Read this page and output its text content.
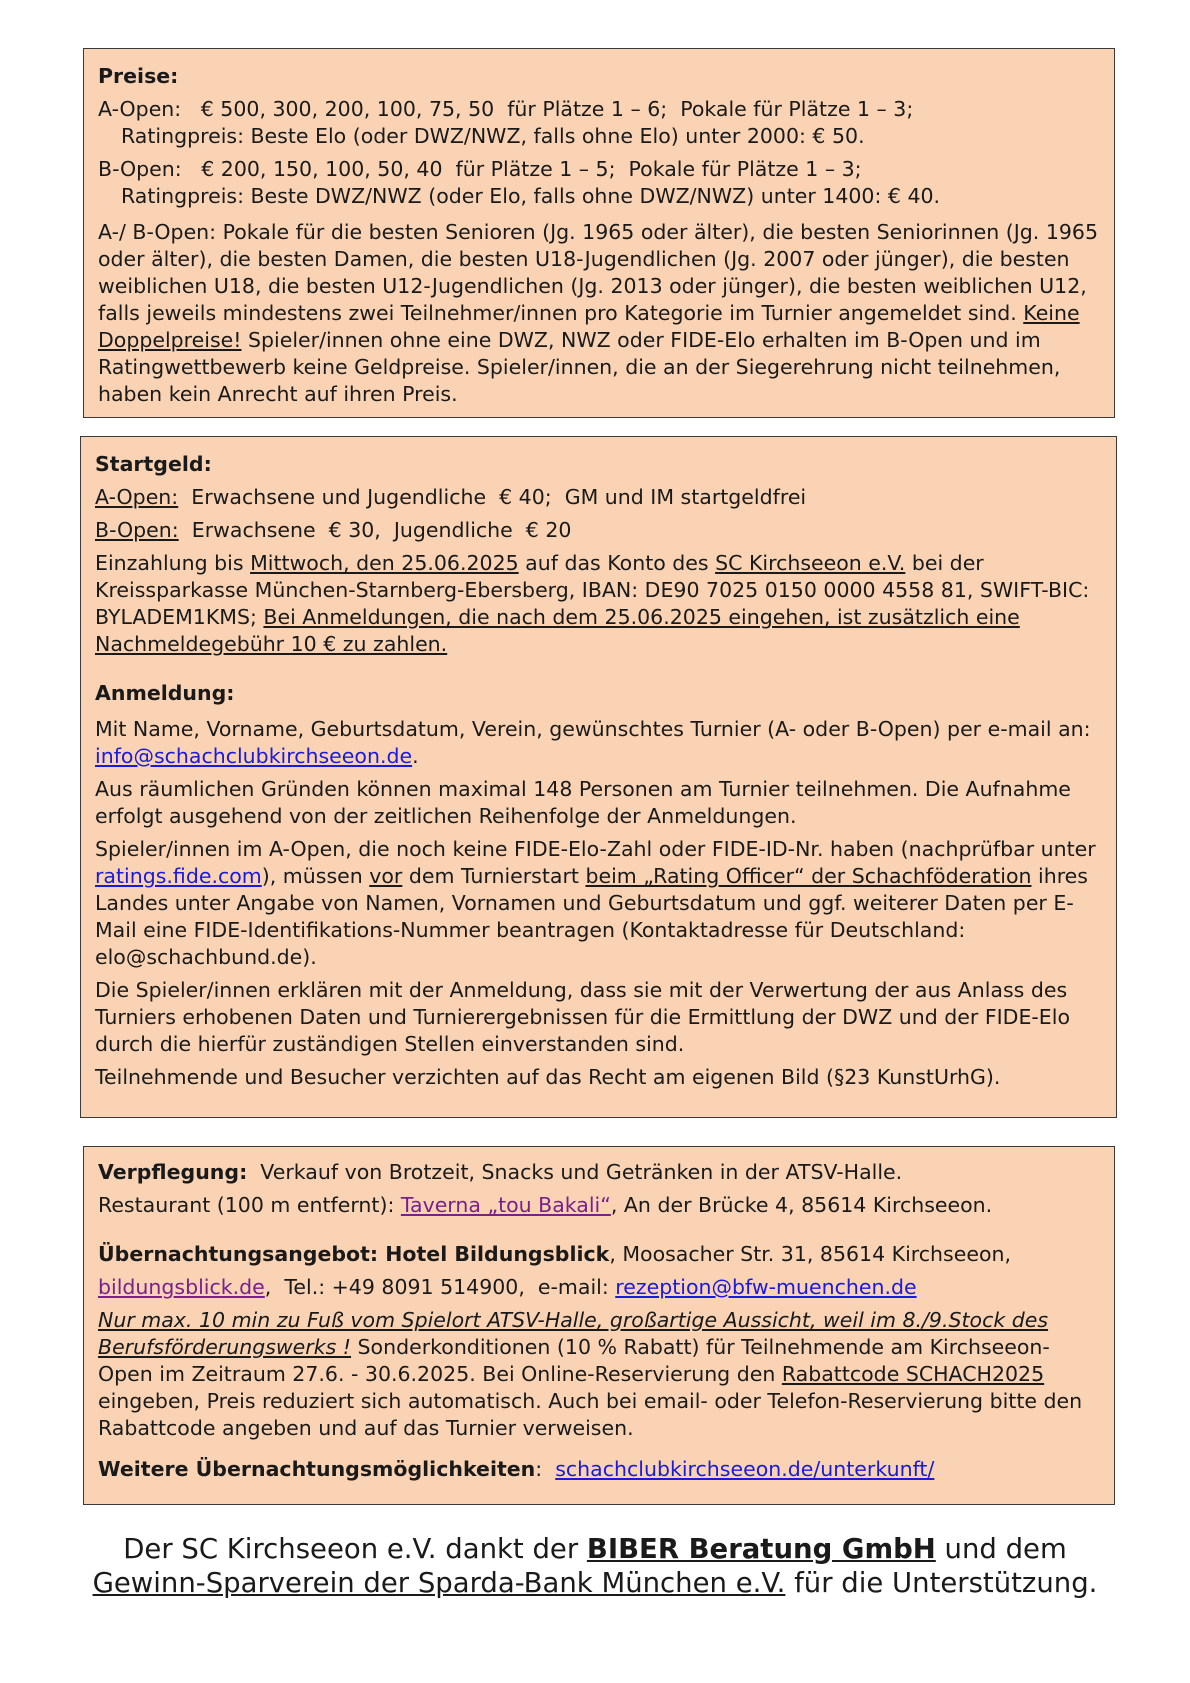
Preise:

A-Open:   € 500, 300, 200, 100, 75, 50  für Plätze 1 – 6;  Pokale für Plätze 1 – 3;
Ratingpreis: Beste Elo (oder DWZ/NWZ, falls ohne Elo) unter 2000: € 50.

B-Open:   € 200, 150, 100, 50, 40  für Plätze 1 – 5;  Pokale für Plätze 1 – 3;
Ratingpreis: Beste DWZ/NWZ (oder Elo, falls ohne DWZ/NWZ) unter 1400: € 40.

A-/ B-Open: Pokale für die besten Senioren (Jg. 1965 oder älter), die besten Seniorinnen (Jg. 1965 oder älter), die besten Damen, die besten U18-Jugendlichen (Jg. 2007 oder jünger), die besten weiblichen U18, die besten U12-Jugendlichen (Jg. 2013 oder jünger), die besten weiblichen U12, falls jeweils mindestens zwei Teilnehmer/innen pro Kategorie im Turnier angemeldet sind. Keine Doppelpreise! Spieler/innen ohne eine DWZ, NWZ oder FIDE-Elo erhalten im B-Open und im Ratingwettbewerb keine Geldpreise. Spieler/innen, die an der Siegerehrung nicht teilnehmen, haben kein Anrecht auf ihren Preis.

Startgeld:

A-Open:  Erwachsene und Jugendliche  € 40;  GM und IM startgeldfrei

B-Open:  Erwachsene  € 30,  Jugendliche  € 20

Einzahlung bis Mittwoch, den 25.06.2025 auf das Konto des SC Kirchseeon e.V. bei der Kreissparkasse München-Starnberg-Ebersberg, IBAN: DE90 7025 0150 0000 4558 81, SWIFT-BIC: BYLADEM1KMS; Bei Anmeldungen, die nach dem 25.06.2025 eingehen, ist zusätzlich eine Nachmeldegebühr 10 € zu zahlen.

Anmeldung:

Mit Name, Vorname, Geburtsdatum, Verein, gewünschtes Turnier (A- oder B-Open) per e-mail an: info@schachclubkirchseeon.de.

Aus räumlichen Gründen können maximal 148 Personen am Turnier teilnehmen. Die Aufnahme erfolgt ausgehend von der zeitlichen Reihenfolge der Anmeldungen.

Spieler/innen im A-Open, die noch keine FIDE-Elo-Zahl oder FIDE-ID-Nr. haben (nachprüfbar unter ratings.fide.com), müssen vor dem Turnierstart beim „Rating Officer“ der Schachföderation ihres Landes unter Angabe von Namen, Vornamen und Geburtsdatum und ggf. weiterer Daten per E-Mail eine FIDE-Identifikations-Nummer beantragen (Kontaktadresse für Deutschland: elo@schachbund.de).

Die Spieler/innen erklären mit der Anmeldung, dass sie mit der Verwertung der aus Anlass des Turniers erhobenen Daten und Turnierergebnissen für die Ermittlung der DWZ und der FIDE-Elo durch die hierfür zuständigen Stellen einverstanden sind.

Teilnehmende und Besucher verzichten auf das Recht am eigenen Bild (§23 KunstUrhG).

Verpflegung:  Verkauf von Brotzeit, Snacks und Getränken in der ATSV-Halle.

Restaurant (100 m entfernt): Taverna „tou Bakali“, An der Brücke 4, 85614 Kirchseeon.

Übernachtungsangebot: Hotel Bildungsblick, Moosacher Str. 31, 85614 Kirchseeon,

bildungsblick.de,  Tel.: +49 8091 514900,  e-mail: rezeption@bfw-muenchen.de

Nur max. 10 min zu Fuß vom Spielort ATSV-Halle, großartige Aussicht, weil im 8./9.Stock des Berufsförderungswerks ! Sonderkonditionen (10 % Rabatt) für Teilnehmende am Kirchseeon-Open im Zeitraum 27.6. - 30.6.2025. Bei Online-Reservierung den Rabattcode SCHACH2025 eingeben, Preis reduziert sich automatisch. Auch bei email- oder Telefon-Reservierung bitte den Rabattcode angeben und auf das Turnier verweisen.

Weitere Übernachtungsmöglichkeiten:  schachclubkirchseeon.de/unterkunft/

Der SC Kirchseeon e.V. dankt der BIBER Beratung GmbH und dem

Gewinn-Sparverein der Sparda-Bank München e.V. für die Unterstützung.
